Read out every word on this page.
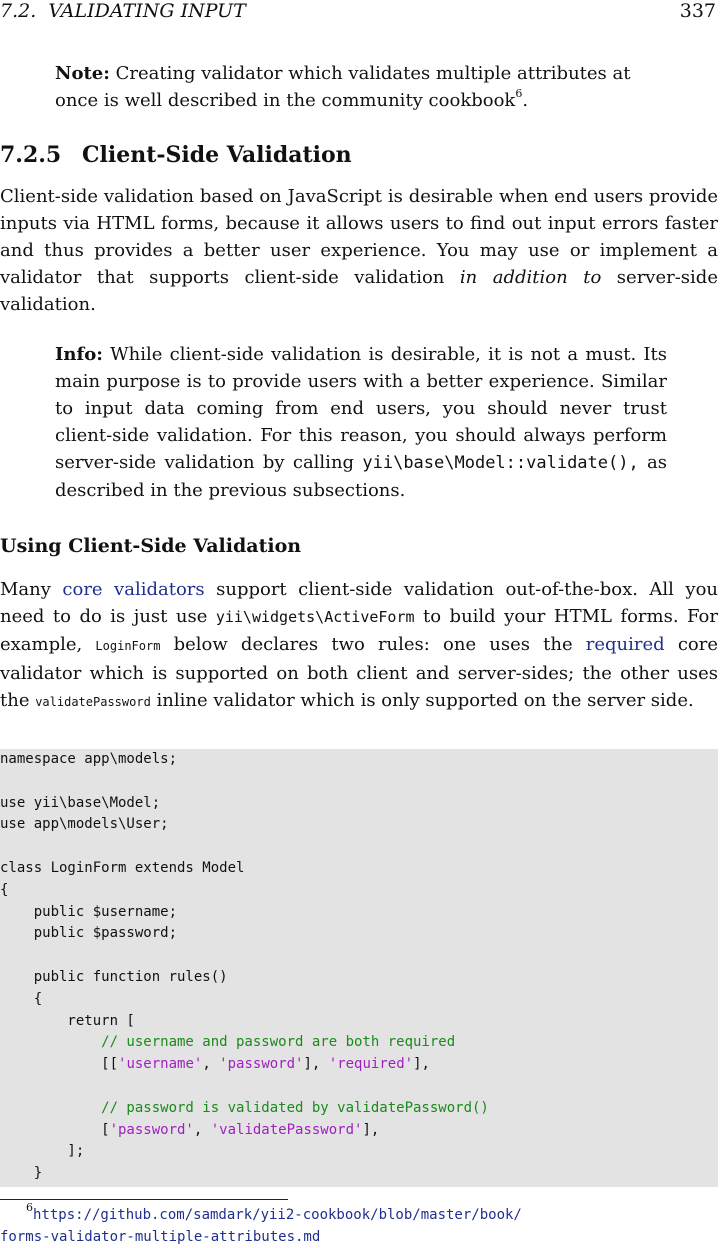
7.2. VALIDATING INPUT	337
Note: Creating validator which validates multiple attributes at once is well described in the community cookbook$^6$.
7.2.5 Client-Side Validation
Client-side validation based on JavaScript is desirable when end users provide inputs via HTML forms, because it allows users to find out input errors faster and thus provides a better user experience. You may use or implement a validator that supports client-side validation in addition to server-side validation.
Info: While client-side validation is desirable, it is not a must. Its main purpose is to provide users with a better experience. Similar to input data coming from end users, you should never trust client-side validation. For this reason, you should always perform server-side validation by calling yii\base\Model::validate(), as described in the previous subsections.
Using Client-Side Validation
Many core validators support client-side validation out-of-the-box. All you need to do is just use yii\widgets\ActiveForm to build your HTML forms. For example, LoginForm below declares two rules: one uses the required core validator which is supported on both client and server-sides; the other uses the validatePassword inline validator which is only supported on the server side.
namespace app\models;
use yii\base\Model;
use app\models\User;
class LoginForm extends Model
{
public $username;
public $password;
public function rules()
{
return [
// username and password are both required
[['username', 'password'], 'required'],
// password is validated by validatePassword()
['password', 'validatePassword'],
];
}
$^6$https://github.com/samdark/yii2-cookbook/blob/master/book/
forms-validator-multiple-attributes.md
